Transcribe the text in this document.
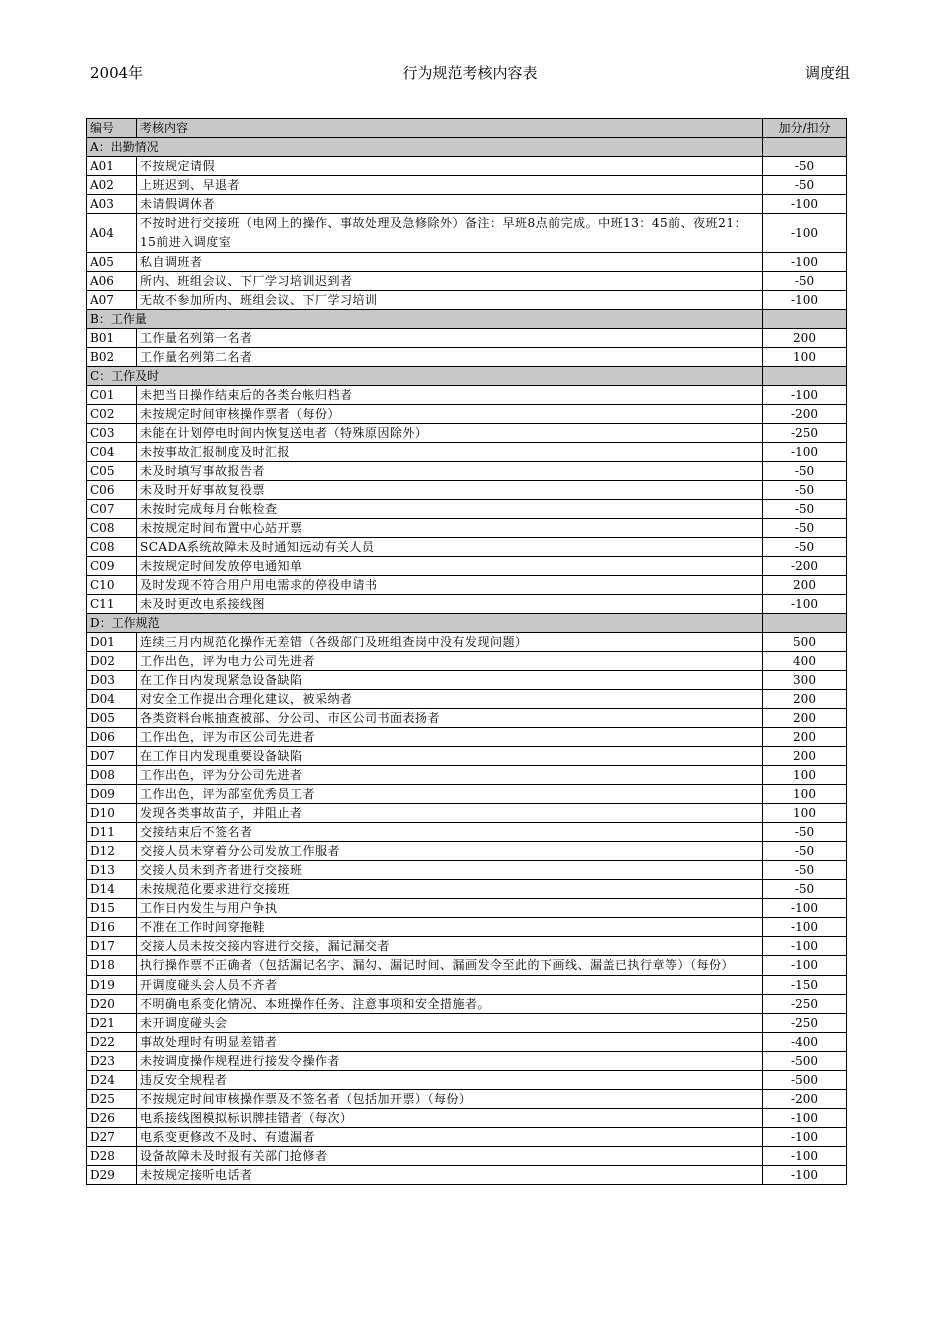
行为规范考核内容表
2004年	调度组
编号	考核内容	加分/扣分
A：出勤情况		
A01	不按规定请假	-50
A02	上班迟到、早退者	-50
A03	未请假调休者	-100
A04	不按时进行交接班（电网上的操作、事故处理及急修除外）备注：早班8点前完成。中班13：45前、夜班21：15前进入调度室	-100
A05	私自调班者	-100
A06	所内、班组会议、下厂学习培训迟到者	-50
A07	无故不参加所内、班组会议、下厂学习培训	-100
B：工作量		
B01	工作量名列第一名者	200
B02	工作量名列第二名者	100
C：工作及时		
C01	未把当日操作结束后的各类台帐归档者	-100
C02	未按规定时间审核操作票者（每份）	-200
C03	未能在计划停电时间内恢复送电者（特殊原因除外）	-250
C04	未按事故汇报制度及时汇报	-100
C05	未及时填写事故报告者	-50
C06	未及时开好事故复役票	-50
C07	未按时完成每月台帐检查	-50
C08	未按规定时间布置中心站开票	-50
C08	SCADA系统故障未及时通知远动有关人员	-50
C09	未按规定时间发放停电通知单	-200
C10	及时发现不符合用户用电需求的停役申请书	200
C11	未及时更改电系接线图	-100
D：工作规范		
D01	连续三月内规范化操作无差错（各级部门及班组查岗中没有发现问题）	500
D02	工作出色，评为电力公司先进者	400
D03	在工作日内发现紧急设备缺陷	300
D04	对安全工作提出合理化建议，被采纳者	200
D05	各类资料台帐抽查被部、分公司、市区公司书面表扬者	200
D06	工作出色，评为市区公司先进者	200
D07	在工作日内发现重要设备缺陷	200
D08	工作出色，评为分公司先进者	100
D09	工作出色，评为部室优秀员工者	100
D10	发现各类事故苗子，并阻止者	100
D11	交接结束后不签名者	-50
D12	交接人员未穿着分公司发放工作服者	-50
D13	交接人员未到齐者进行交接班	-50
D14	未按规范化要求进行交接班	-50
D15	工作日内发生与用户争执	-100
D16	不准在工作时间穿拖鞋	-100
D17	交接人员未按交接内容进行交接，漏记漏交者	-100
D18	执行操作票不正确者（包括漏记名字、漏勾、漏记时间、漏画发令至此的下画线、漏盖已执行章等）（每份）	-100
D19	开调度碰头会人员不齐者	-150
D20	不明确电系变化情况、本班操作任务、注意事项和安全措施者。	-250
D21	未开调度碰头会	-250
D22	事故处理时有明显差错者	-400
D23	未按调度操作规程进行接发令操作者	-500
D24	违反安全规程者	-500
D25	不按规定时间审核操作票及不签名者（包括加开票）（每份）	-200
D26	电系接线图模拟标识牌挂错者（每次）	-100
D27	电系变更修改不及时、有遗漏者	-100
D28	设备故障未及时报有关部门抢修者	-100
D29	未按规定接听电话者	-100
